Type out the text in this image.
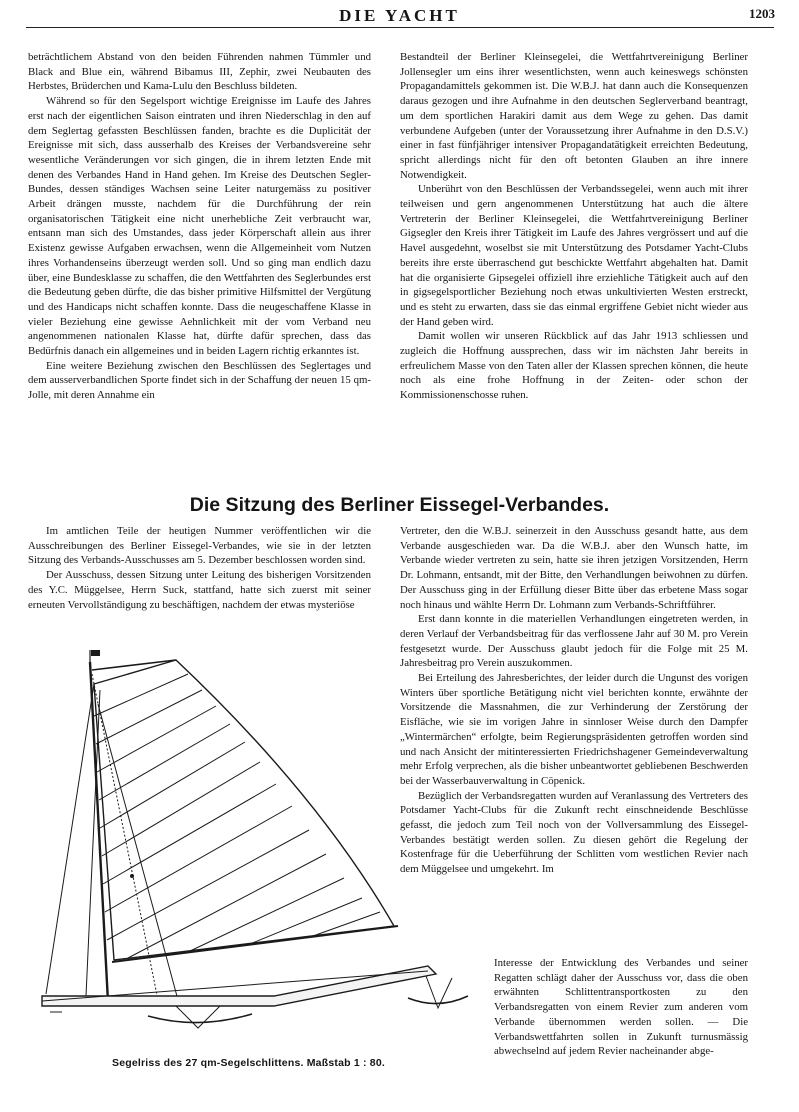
DIE YACHT	1203

beträchtlichem Abstand von den beiden Führenden nahmen Tümmler und Black and Blue ein, während Bibamus III, Zephir, zwei Neubauten des Herbstes, Brüderchen und Kama-Lulu den Beschluss bildeten.

Während so für den Segelsport wichtige Ereignisse im Laufe des Jahres erst nach der eigentlichen Saison eintraten und ihren Niederschlag in den auf dem Seglertag gefassten Beschlüssen fanden, brachte es die Duplicität der Ereignisse mit sich, dass ausserhalb des Kreises der Verbandsvereine sehr wesentliche Veränderungen vor sich gingen, die in ihrem letzten Ende mit denen des Verbandes Hand in Hand gehen. Im Kreise des Deutschen Segler-Bundes, dessen ständiges Wachsen seine Leiter naturgemäss zu positiver Arbeit drängen musste, nachdem für die Durchführung der rein organisatorischen Tätigkeit eine nicht unerhebliche Zeit verbraucht war, entsann man sich des Umstandes, dass jeder Körperschaft allein aus ihrer Existenz gewisse Aufgaben erwachsen, wenn die Allgemeinheit vom Nutzen ihres Vorhandenseins überzeugt werden soll. Und so ging man endlich dazu über, eine Bundesklasse zu schaffen, die den Wettfahrten des Seglerbundes erst die Bedeutung geben dürfte, die das bisher primitive Hilfsmittel der Vergütung und des Handicaps nicht schaffen konnte. Dass die neugeschaffene Klasse in vieler Beziehung eine gewisse Aehnlichkeit mit der vom Verband neu angenommenen nationalen Klasse hat, dürfte dafür sprechen, dass das Bedürfnis danach ein allgemeines und in beiden Lagern richtig erkanntes ist.

Eine weitere Beziehung zwischen den Beschlüssen des Seglertages und dem ausserverbandlichen Sporte findet sich in der Schaffung der neuen 15 qm-Jolle, mit deren Annahme ein

Bestandteil der Berliner Kleinsegelei, die Wettfahrtvereinigung Berliner Jollensegler um eins ihrer wesentlichsten, wenn auch keineswegs schönsten Propagandamittels gekommen ist. Die W.B.J. hat dann auch die Konsequenzen daraus gezogen und ihre Aufnahme in den deutschen Seglerverband beantragt, um dem sportlichen Harakiri damit aus dem Wege zu gehen. Das damit verbundene Aufgeben (unter der Voraussetzung ihrer Aufnahme in den D.S.V.) einer in fast fünfjähriger intensiver Propagandatätigkeit erreichten Bedeutung, spricht allerdings nicht für den oft betonten Glauben an ihre innere Notwendigkeit.

Unberührt von den Beschlüssen der Verbandssegelei, wenn auch mit ihrer teilweisen und gern angenommenen Unterstützung hat auch die ältere Vertreterin der Berliner Kleinsegelei, die Wettfahrtvereinigung Berliner Gigsegler den Kreis ihrer Tätigkeit im Laufe des Jahres vergrössert und auf die Havel ausgedehnt, woselbst sie mit Unterstützung des Potsdamer Yacht-Clubs bereits ihre erste überraschend gut beschickte Wettfahrt abgehalten hat. Damit hat die organisierte Gipsegelei offiziell ihre erziehliche Tätigkeit auch auf den in gigsegelsportlicher Beziehung noch etwas unkultivierten Westen erstreckt, und es steht zu erwarten, dass sie das einmal ergriffene Gebiet nicht wieder aus der Hand geben wird.

Damit wollen wir unseren Rückblick auf das Jahr 1913 schliessen und zugleich die Hoffnung aussprechen, dass wir im nächsten Jahr bereits in erfreulichem Masse von den Taten aller der Klassen sprechen können, die heute noch als eine frohe Hoffnung in der Zeiten- oder schon der Kommissionenschosse ruhen.

Die Sitzung des Berliner Eissegel-Verbandes.

Im amtlichen Teile der heutigen Nummer veröffentlichen wir die Ausschreibungen des Berliner Eissegel-Verbandes, wie sie in der letzten Sitzung des Verbands-Ausschusses am 5. Dezember beschlossen worden sind.

Der Ausschuss, dessen Sitzung unter Leitung des bisherigen Vorsitzenden des Y.C. Müggelsee, Herrn Suck, stattfand, hatte sich zuerst mit seiner erneuten Vervollständigung zu beschäftigen, nachdem der etwas mysteriöse

Vertreter, den die W.B.J. seinerzeit in den Ausschuss gesandt hatte, aus dem Verbande ausgeschieden war. Da die W.B.J. aber den Wunsch hatte, im Verbande wieder vertreten zu sein, hatte sie ihren jetzigen Vorsitzenden, Herrn Dr. Lohmann, entsandt, mit der Bitte, den Verhandlungen beiwohnen zu dürfen. Der Ausschuss ging in der Erfüllung dieser Bitte über das erbetene Mass sogar noch hinaus und wählte Herrn Dr. Lohmann zum Verbands-Schriftführer.

Erst dann konnte in die materiellen Verhandlungen eingetreten werden, in deren Verlauf der Verbandsbeitrag für das verflossene Jahr auf 30 M. pro Verein festgesetzt wurde. Der Ausschuss glaubt jedoch für die Folge mit 25 M. Jahresbeitrag pro Verein auszukommen.

Bei Erteilung des Jahresberichtes, der leider durch die Ungunst des vorigen Winters über sportliche Betätigung nicht viel berichten konnte, erwähnte der Vorsitzende die Massnahmen, die zur Verhinderung der Zerstörung der Eisfläche, wie sie im vorigen Jahre in sinnloser Weise durch den Dampfer „Wintermärchen“ erfolgte, beim Regierungspräsidenten getroffen worden sind und nach Ansicht der mitinteressierten Friedrichshagener Gemeindeverwaltung mehr Erfolg verprechen, als die bisher unbeantwortet gebliebenen Beschwerden bei der Wasserbauverwaltung in Cöpenick.

Bezüglich der Verbandsregatten wurden auf Veranlassung des Vertreters des Potsdamer Yacht-Clubs für die Zukunft recht einschneidende Beschlüsse gefasst, die jedoch zum Teil noch von der Vollversammlung des Eissegel-Verbandes bestätigt werden sollen. Zu diesen gehört die Regelung der Kostenfrage für die Ueberführung der Schlitten vom westlichen Revier nach dem Müggelsee und umgekehrt. Im

Interesse der Entwicklung des Verbandes und seiner Regatten schlägt daher der Ausschuss vor, dass die oben erwähnten Schlittentransportkosten zu den Verbandsregatten von einem Revier zum anderen vom Verbande übernommen werden sollen. — Die Verbandswettfahrten sollen in Zukunft turnusmässig abwechselnd auf jedem Revier nacheinander abge-

Segelriss des 27 qm-Segelschlittens. Maßstab 1 : 80.
